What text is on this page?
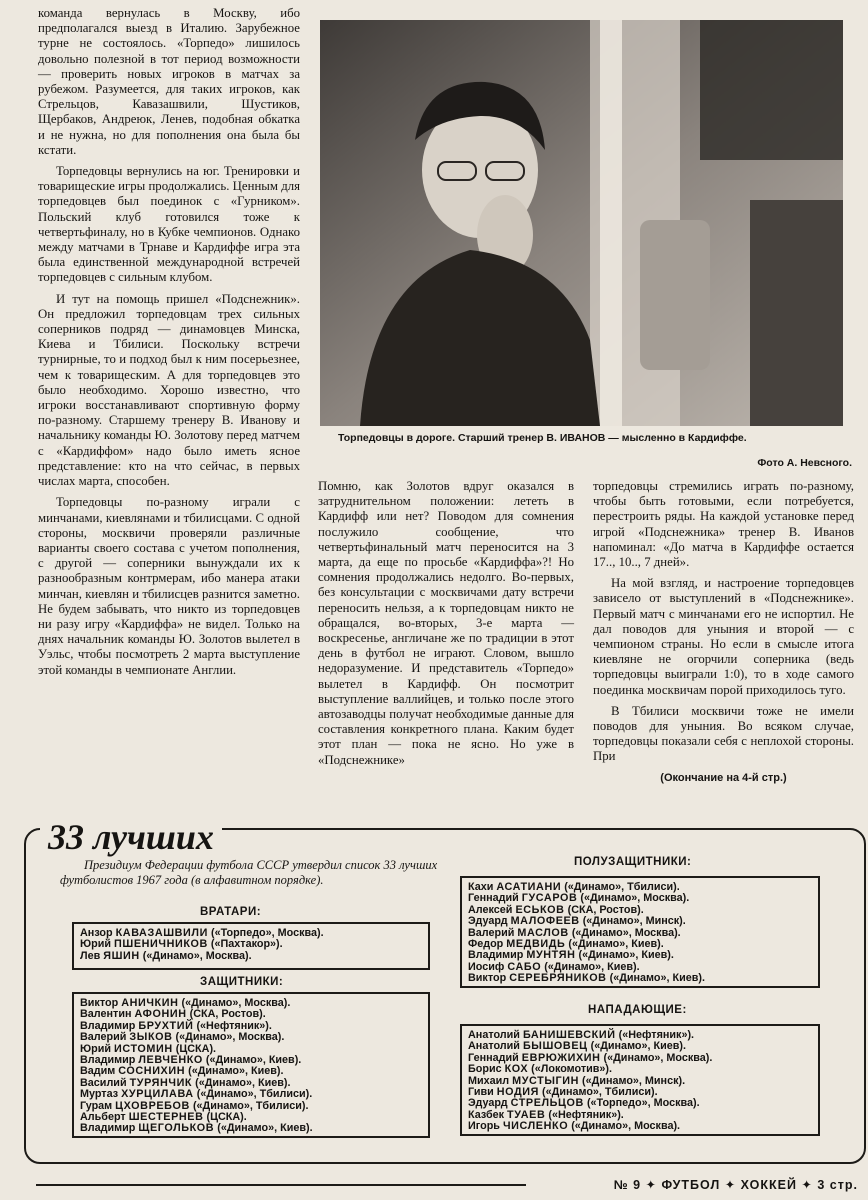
команда вернулась в Москву, ибо предполагался выезд в Италию. Зарубежное турне не состоялось. «Торпедо» лишилось довольно полезной в тот период возможности — проверить новых игроков в матчах за рубежом. Разумеется, для таких игроков, как Стрельцов, Кавазашвили, Шустиков, Щербаков, Андреюк, Ленев, подобная обкатка и не нужна, но для пополнения она была бы кстати.

Торпедовцы вернулись на юг. Тренировки и товарищеские игры продолжались. Ценным для торпедовцев был поединок с «Гурником». Польский клуб готовился тоже к четвертьфиналу, но в Кубке чемпионов. Однако между матчами в Трнаве и Кардиффе игра эта была единственной международной встречей торпедовцев с сильным клубом.

И тут на помощь пришел «Подснежник». Он предложил торпедовцам трех сильных соперников подряд — динамовцев Минска, Киева и Тбилиси. Поскольку встречи турнирные, то и подход был к ним посерьезнее, чем к товарищеским. А для торпедовцев это было необходимо. Хорошо известно, что игроки восстанавливают спортивную форму по-разному. Старшему тренеру В. Иванову и начальнику команды Ю. Золотову перед матчем с «Кардиффом» надо было иметь ясное представление: кто на что сейчас, в первых числах марта, способен.

Торпедовцы по-разному играли с минчанами, киевлянами и тбилисцами. С одной стороны, москвичи проверяли различные варианты своего состава с учетом пополнения, с другой — соперники вынуждали их к разнообразным контрмерам, ибо манера атаки минчан, киевлян и тбилисцев разнится заметно. Не будем забывать, что никто из торпедовцев ни разу игру «Кардиффа» не видел. Только на днях начальник команды Ю. Золотов вылетел в Уэльс, чтобы посмотреть 2 марта выступление этой команды в чемпионате Англии.

Торпедовцы в дороге. Старший тренер В. ИВАНОВ — мысленно в Кардиффе.
Фото А. Невсного.

Помню, как Золотов вдруг оказался в затруднительном положении: лететь в Кардифф или нет? Поводом для сомнения послужило сообщение, что четвертьфинальный матч переносится на 3 марта, да еще по просьбе «Кардиффа»?! Но сомнения продолжались недолго. Во-первых, без консультации с москвичами дату встречи переносить нельзя, а к торпедовцам никто не обращался, во-вторых, 3-е марта — воскресенье, англичане же по традиции в этот день в футбол не играют. Словом, вышло недоразумение. И представитель «Торпедо» вылетел в Кардифф. Он посмотрит выступление валлийцев, и только после этого автозаводцы получат необходимые данные для составления конкретного плана. Каким будет этот план — пока не ясно. Но уже в «Подснежнике»

торпедовцы стремились играть по-разному, чтобы быть готовыми, если потребуется, перестроить ряды. На каждой установке перед игрой «Подснежника» тренер В. Иванов напоминал: «До матча в Кардиффе остается 17.., 10.., 7 дней».

На мой взгляд, и настроение торпедовцев зависело от выступлений в «Подснежнике». Первый матч с минчанами его не испортил. Не дал поводов для уныния и второй — с чемпионом страны. Но если в смысле итога киевляне не огорчили соперника (ведь торпедовцы выиграли 1:0), то в ходе самого поединка москвичам порой приходилось туго.

В Тбилиси москвичи тоже не имели поводов для уныния. Во всяком случае, торпедовцы показали себя с неплохой стороны. При

(Окончание на 4-й стр.)

33 лучших
Президиум Федерации футбола СССР утвердил список 33 лучших футболистов 1967 года (в алфавитном порядке).
ВРАТАРИ:
Анзор КАВАЗАШВИЛИ («Торпедо», Москва).
Юрий ПШЕНИЧНИКОВ («Пахтакор»).
Лев ЯШИН («Динамо», Москва).
ЗАЩИТНИКИ:
Виктор АНИЧКИН («Динамо», Москва).
Валентин АФОНИН (СКА, Ростов).
Владимир БРУХТИЙ («Нефтяник»).
Валерий ЗЫКОВ («Динамо», Москва).
Юрий ИСТОМИН (ЦСКА).
Владимир ЛЕВЧЕНКО («Динамо», Киев).
Вадим СОСНИХИН («Динамо», Киев).
Василий ТУРЯНЧИК («Динамо», Киев).
Муртаз ХУРЦИЛАВА («Динамо», Тбилиси).
Гурам ЦХОВРЕБОВ («Динамо», Тбилиси).
Альберт ШЕСТЕРНЕВ (ЦСКА).
Владимир ЩЕГОЛЬКОВ («Динамо», Киев).
ПОЛУЗАЩИТНИКИ:
Кахи АСАТИАНИ («Динамо», Тбилиси).
Геннадий ГУСАРОВ («Динамо», Москва).
Алексей ЕСЬКОВ (СКА, Ростов).
Эдуард МАЛОФЕЕВ («Динамо», Минск).
Валерий МАСЛОВ («Динамо», Москва).
Федор МЕДВИДЬ («Динамо», Киев).
Владимир МУНТЯН («Динамо», Киев).
Иосиф САБО («Динамо», Киев).
Виктор СЕРЕБРЯНИКОВ («Динамо», Киев).
НАПАДАЮЩИЕ:
Анатолий БАНИШЕВСКИЙ («Нефтяник»).
Анатолий БЫШОВЕЦ («Динамо», Киев).
Геннадий ЕВРЮЖИХИН («Динамо», Москва).
Борис КОХ («Локомотив»).
Михаил МУСТЫГИН («Динамо», Минск).
Гиви НОДИЯ («Динамо», Тбилиси).
Эдуард СТРЕЛЬЦОВ («Торпедо», Москва).
Казбек ТУАЕВ («Нефтяник»).
Игорь ЧИСЛЕНКО («Динамо», Москва).
№ 9 ✦ ФУТБОЛ ✦ ХОККЕЙ ✦ 3 стр.
